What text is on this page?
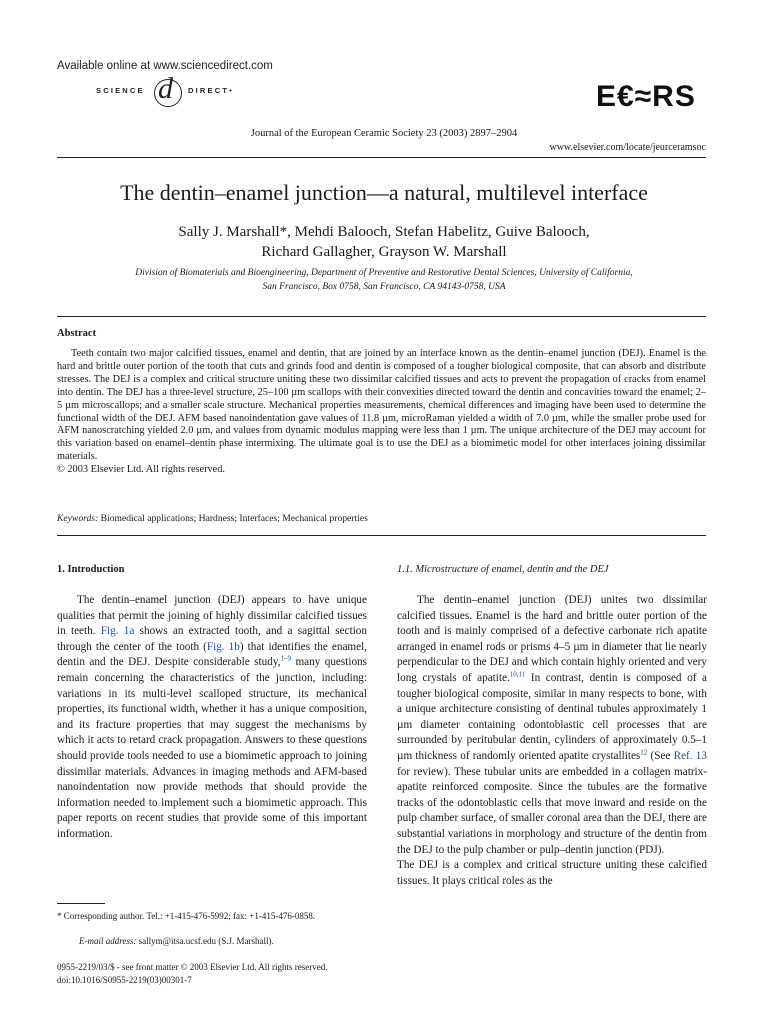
Available online at www.sciencedirect.com
SCIENCE d DIRECT•	E€≈RS
Journal of the European Ceramic Society 23 (2003) 2897–2904
www.elsevier.com/locate/jeurceramsoc
The dentin–enamel junction—a natural, multilevel interface
Sally J. Marshall*, Mehdi Balooch, Stefan Habelitz, Guive Balooch,
Richard Gallagher, Grayson W. Marshall
Division of Biomaterials and Bioengineering, Department of Preventive and Restorative Dental Sciences, University of California,
San Francisco, Box 0758, San Francisco, CA 94143-0758, USA
Abstract

Teeth contain two major calcified tissues, enamel and dentin, that are joined by an interface known as the dentin–enamel junction (DEJ). Enamel is the hard and brittle outer portion of the tooth that cuts and grinds food and dentin is composed of a tougher biological composite, that can absorb and distribute stresses. The DEJ is a complex and critical structure uniting these two dissimilar calcified tissues and acts to prevent the propagation of cracks from enamel into dentin. The DEJ has a three-level structure, 25–100 µm scallops with their convexities directed toward the dentin and concavities toward the enamel; 2–5 µm microscallops; and a smaller scale structure. Mechanical properties measurements, chemical differences and imaging have been used to determine the functional width of the DEJ. AFM based nanoindentation gave values of 11.8 µm, microRaman yielded a width of 7.0 µm, while the smaller probe used for AFM nanoscratching yielded 2.0 µm, and values from dynamic modulus mapping were less than 1 µm. The unique architecture of the DEJ may account for this variation based on enamel–dentin phase intermixing. The ultimate goal is to use the DEJ as a biomimetic model for other interfaces joining dissimilar materials.
© 2003 Elsevier Ltd. All rights reserved.

Keywords: Biomedical applications; Hardness; Interfaces; Mechanical properties
1. Introduction	1.1. Microstructure of enamel, dentin and the DEJ

The dentin–enamel junction (DEJ) appears to have unique qualities that permit the joining of highly dissimilar calcified tissues in teeth. Fig. 1a shows an extracted tooth, and a sagittal section through the center of the tooth (Fig. 1b) that identifies the enamel, dentin and the DEJ. Despite considerable study,$^{1-9}$ many questions remain concerning the characteristics of the junction, including: variations in its multi-level scalloped structure, its mechanical properties, its functional width, whether it has a unique composition, and its fracture properties that may suggest the mechanisms by which it acts to retard crack propagation. Answers to these questions should provide tools needed to use a biomimetic approach to joining dissimilar materials. Advances in imaging methods and AFM-based nanoindentation now provide methods that should provide the information needed to implement such a biomimetic approach. This paper reports on recent studies that provide some of this important information.

The dentin–enamel junction (DEJ) unites two dissimilar calcified tissues. Enamel is the hard and brittle outer portion of the tooth and is mainly comprised of a defective carbonate rich apatite arranged in enamel rods or prisms 4–5 µm in diameter that lie nearly perpendicular to the DEJ and which contain highly oriented and very long crystals of apatite.$^{10,11}$ In contrast, dentin is composed of a tougher biological composite, similar in many respects to bone, with a unique architecture consisting of dentinal tubules approximately 1 µm diameter containing odontoblastic cell processes that are surrounded by peritubular dentin, cylinders of approximately 0.5–1 µm thickness of randomly oriented apatite crystallites$^{12}$ (See Ref. 13 for review). These tubular units are embedded in a collagen matrix-apatite reinforced composite. Since the tubules are the formative tracks of the odontoblastic cells that move inward and reside on the pulp chamber surface, of smaller coronal area than the DEJ, there are substantial variations in morphology and structure of the dentin from the DEJ to the pulp chamber or pulp–dentin junction (PDJ).
The DEJ is a complex and critical structure uniting these calcified tissues. It plays critical roles as the

* Corresponding author. Tel.: +1-415-476-5992; fax: +1-415-476-0858.

E-mail address: sallym@itsa.ucsf.edu (S.J. Marshall).
0955-2219/03/$ - see front matter © 2003 Elsevier Ltd. All rights reserved.
doi:10.1016/S0955-2219(03)00301-7
